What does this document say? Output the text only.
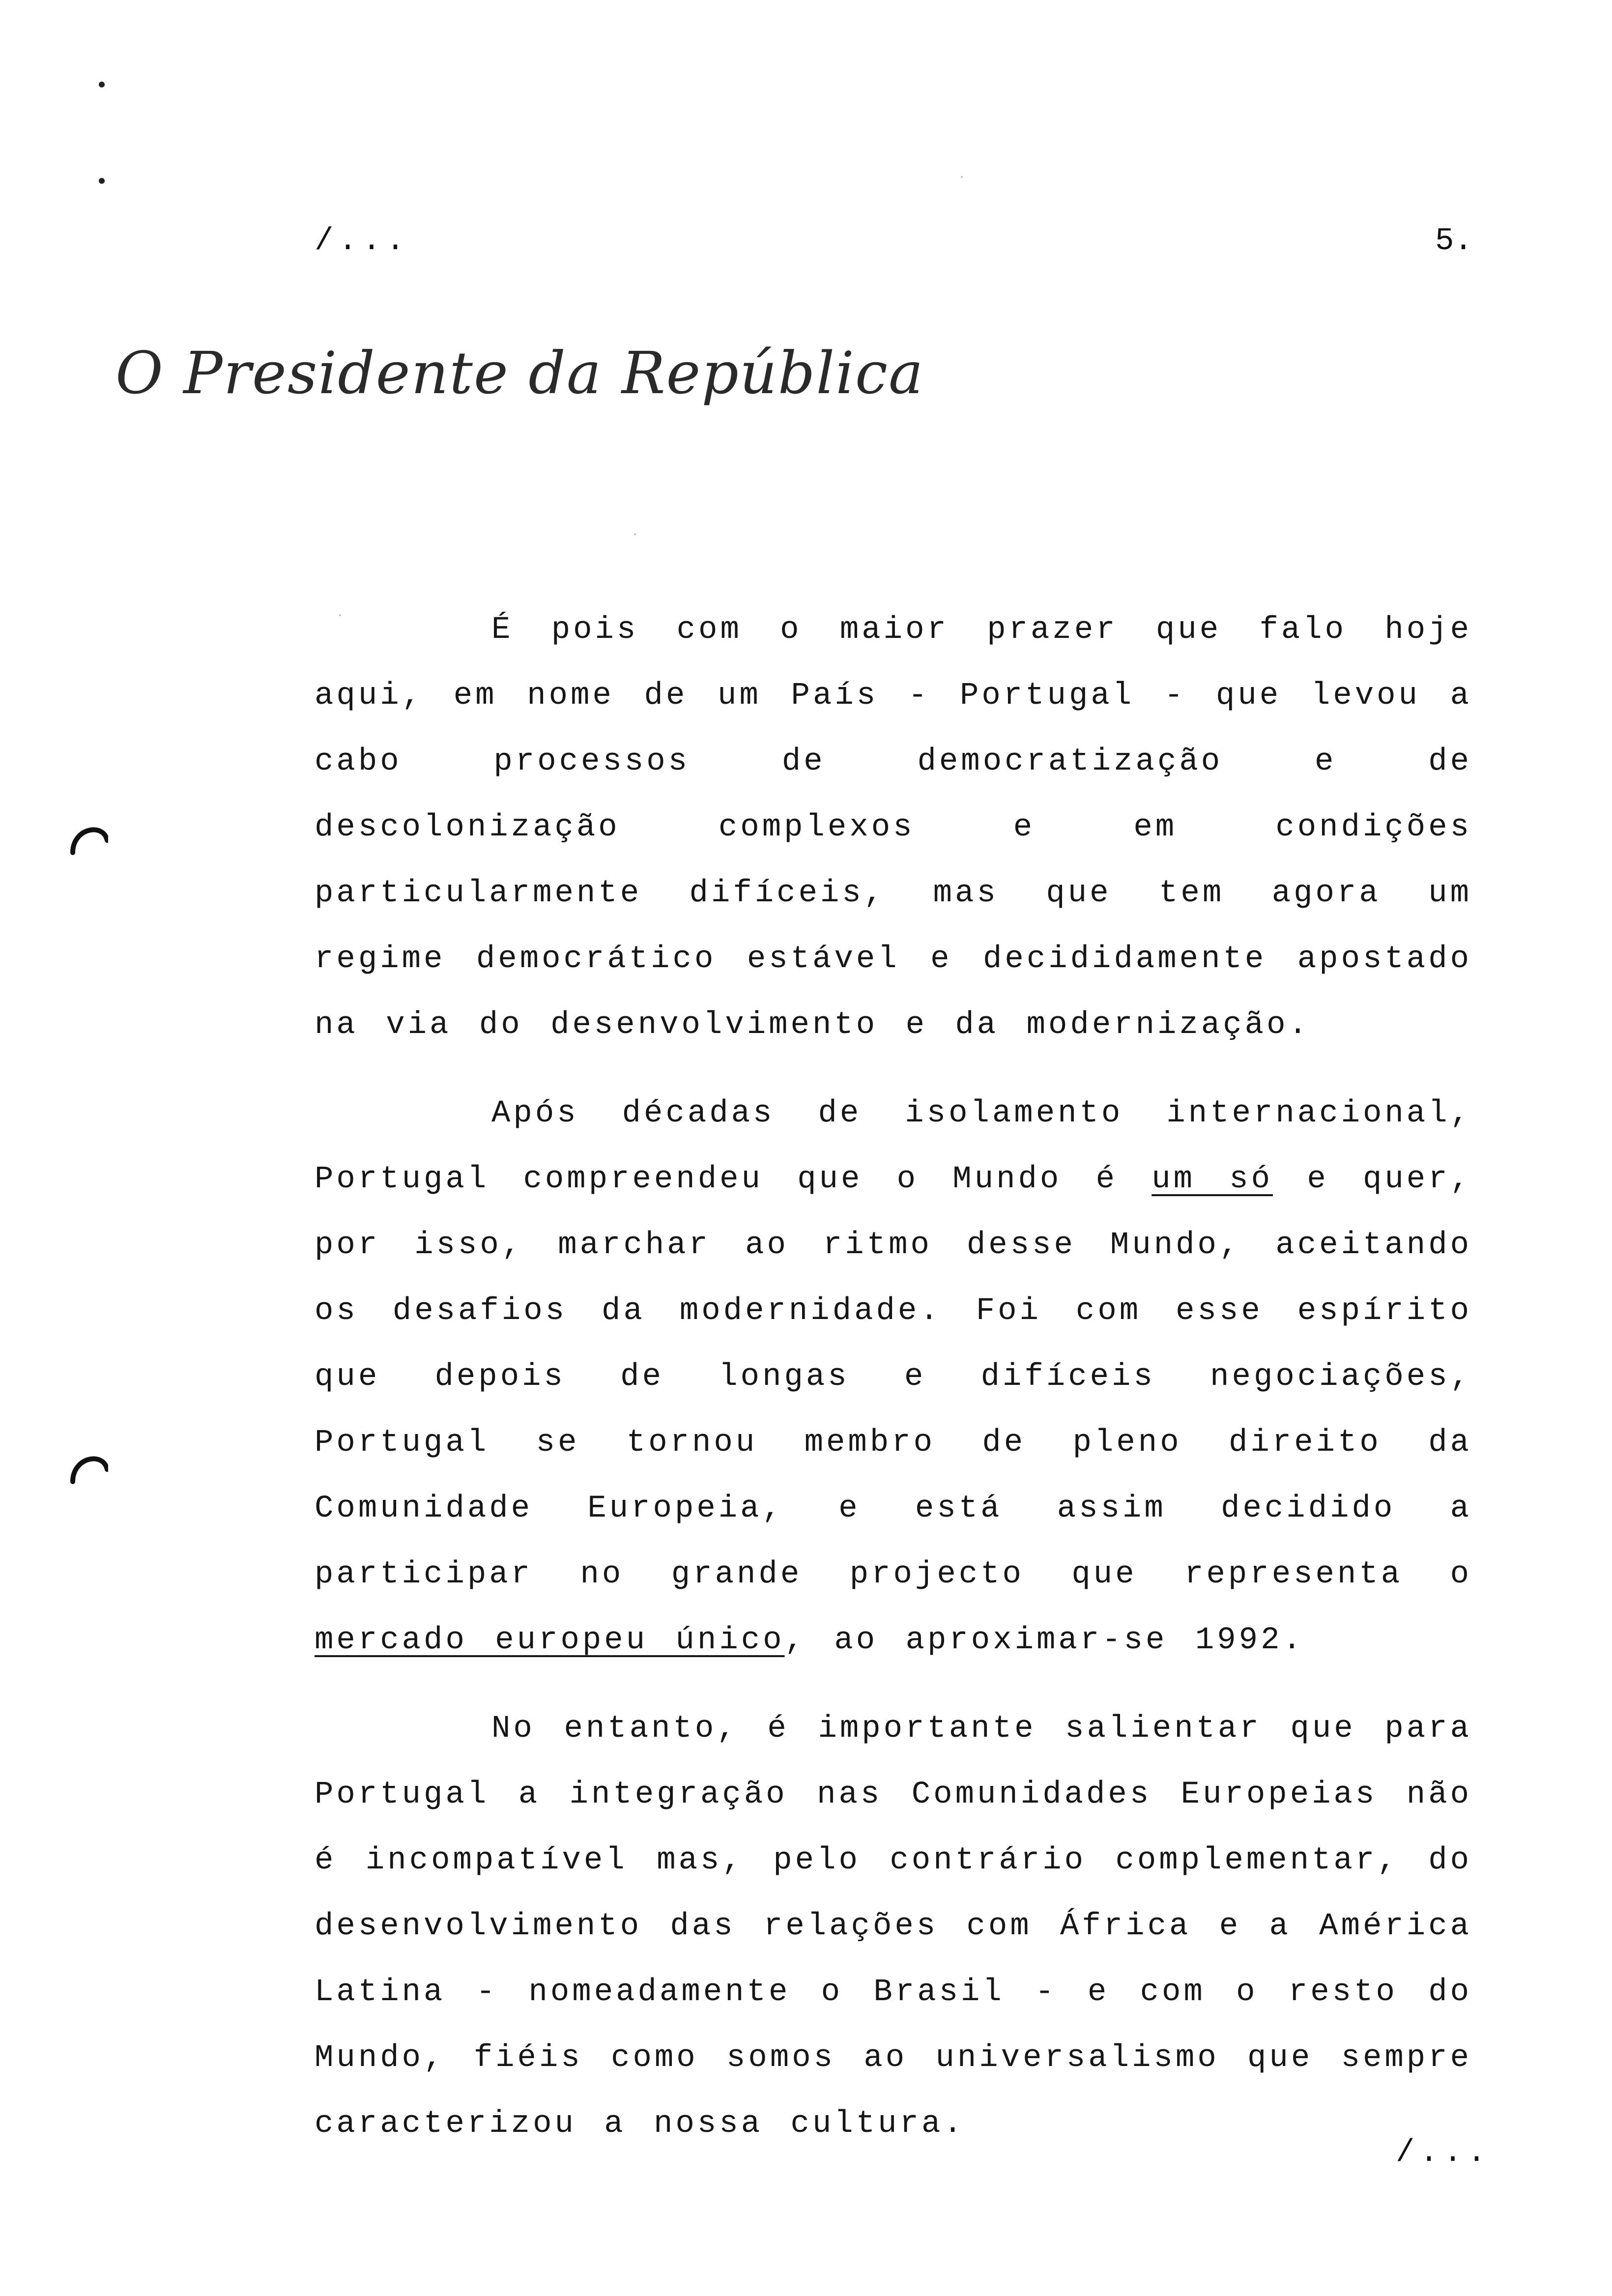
/...	5.
O Presidente da República

É pois com o maior prazer que falo hoje aqui, em nome de um País - Portugal - que levou a cabo processos de democratização e de descolonização complexos e em condições particularmente difíceis, mas que tem agora um regime democrático estável e decididamente apostado na via do desenvolvimento e da modernização.

Após décadas de isolamento internacional, Portugal compreendeu que o Mundo é um só e quer, por isso, marchar ao ritmo desse Mundo, aceitando os desafios da modernidade. Foi com esse espírito que depois de longas e difíceis negociações, Portugal se tornou membro de pleno direito da Comunidade Europeia, e está assim decidido a participar no grande projecto que representa o mercado europeu único, ao aproximar-se 1992.

No entanto, é importante salientar que para Portugal a integração nas Comunidades Europeias não é incompatível mas, pelo contrário complementar, do desenvolvimento das relações com África e a América Latina - nomeadamente o Brasil - e com o resto do Mundo, fiéis como somos ao universalismo que sempre caracterizou a nossa cultura.

/...
